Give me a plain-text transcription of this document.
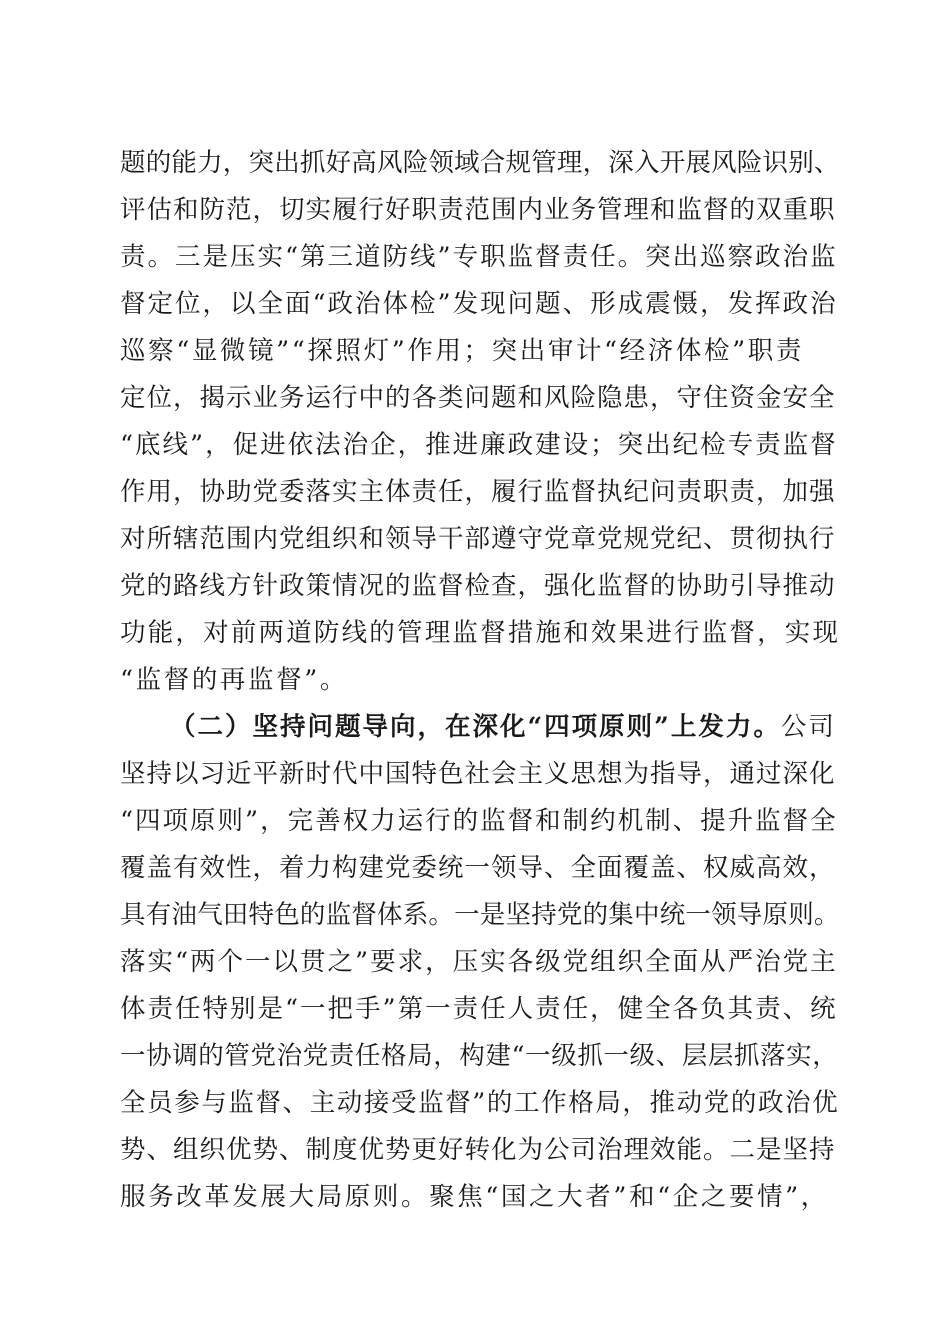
题的能力，突出抓好高风险领域合规管理，深入开展风险识别、
评估和防范，切实履行好职责范围内业务管理和监督的双重职
责。三是压实“第三道防线”专职监督责任。突出巡察政治监
督定位，以全面“政治体检”发现问题、形成震慑，发挥政治
巡察“显微镜”“探照灯”作用；突出审计“经济体检”职责
定位，揭示业务运行中的各类问题和风险隐患，守住资金安全
“底线”，促进依法治企，推进廉政建设；突出纪检专责监督
作用，协助党委落实主体责任，履行监督执纪问责职责，加强
对所辖范围内党组织和领导干部遵守党章党规党纪、贯彻执行
党的路线方针政策情况的监督检查，强化监督的协助引导推动
功能，对前两道防线的管理监督措施和效果进行监督，实现
“监督的再监督”。
（二）坚持问题导向，在深化“四项原则”上发力。公司
坚持以习近平新时代中国特色社会主义思想为指导，通过深化
“四项原则”，完善权力运行的监督和制约机制、提升监督全
覆盖有效性，着力构建党委统一领导、全面覆盖、权威高效，
具有油气田特色的监督体系。一是坚持党的集中统一领导原则。
落实“两个一以贯之”要求，压实各级党组织全面从严治党主
体责任特别是“一把手”第一责任人责任，健全各负其责、统
一协调的管党治党责任格局，构建“一级抓一级、层层抓落实，
全员参与监督、主动接受监督”的工作格局，推动党的政治优
势、组织优势、制度优势更好转化为公司治理效能。二是坚持
服务改革发展大局原则。聚焦“国之大者”和“企之要情”，
